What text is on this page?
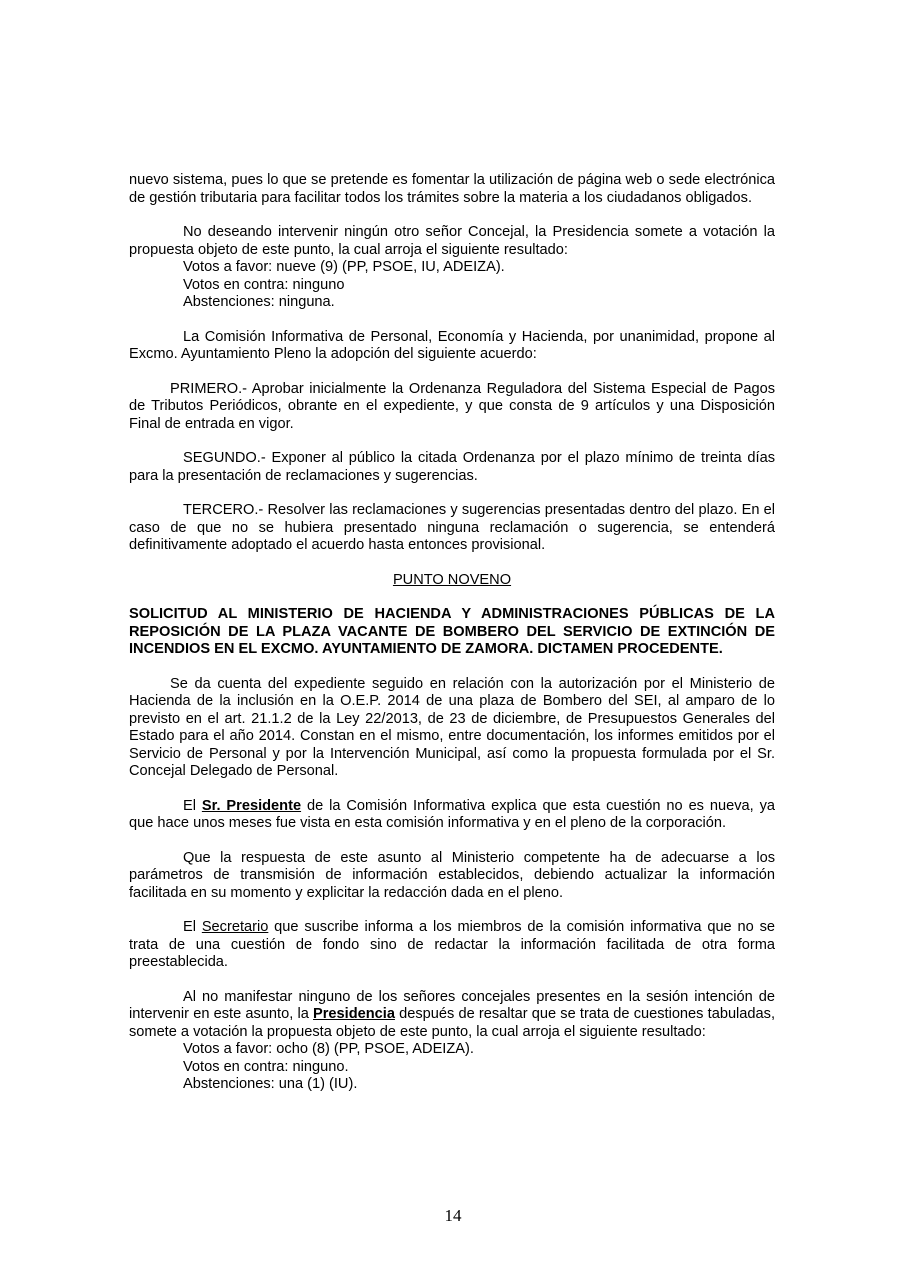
nuevo sistema, pues lo que se pretende es fomentar la utilización de página web o sede electrónica de gestión tributaria para facilitar todos los trámites sobre la materia a los ciudadanos obligados.

No deseando intervenir ningún otro señor Concejal, la Presidencia somete a votación la propuesta objeto de este punto, la cual arroja el siguiente resultado:

Votos a favor: nueve (9) (PP, PSOE, IU, ADEIZA).
Votos en contra: ninguno
Abstenciones: ninguna.

La Comisión Informativa de Personal, Economía y Hacienda, por unanimidad, propone al Excmo. Ayuntamiento Pleno la adopción del siguiente acuerdo:

PRIMERO.- Aprobar inicialmente la Ordenanza Reguladora del Sistema Especial de Pagos de Tributos Periódicos, obrante en el expediente, y que consta de 9 artículos y una Disposición Final de entrada en vigor.

SEGUNDO.- Exponer al público la citada Ordenanza por el plazo mínimo de treinta días para la presentación de reclamaciones y sugerencias.

TERCERO.- Resolver las reclamaciones y sugerencias presentadas dentro del plazo. En el caso de que no se hubiera presentado ninguna reclamación o sugerencia, se entenderá definitivamente adoptado el acuerdo hasta entonces provisional.

PUNTO NOVENO

SOLICITUD AL MINISTERIO DE HACIENDA Y ADMINISTRACIONES PÚBLICAS DE LA REPOSICIÓN DE LA PLAZA VACANTE DE BOMBERO DEL SERVICIO DE EXTINCIÓN DE INCENDIOS EN EL EXCMO. AYUNTAMIENTO DE ZAMORA. DICTAMEN PROCEDENTE.

Se da cuenta del expediente seguido en relación con la autorización por el Ministerio de Hacienda de la inclusión en la O.E.P. 2014 de una plaza de Bombero del SEI, al amparo de lo previsto en el art. 21.1.2 de la Ley 22/2013, de 23 de diciembre, de Presupuestos Generales del Estado para el año 2014. Constan en el mismo, entre documentación, los informes emitidos por el Servicio de Personal y por la Intervención Municipal, así como la propuesta formulada por el Sr. Concejal Delegado de Personal.

El Sr. Presidente de la Comisión Informativa explica que esta cuestión no es nueva, ya que hace unos meses fue vista en esta comisión informativa y en el pleno de la corporación.

Que la respuesta de este asunto al Ministerio competente ha de adecuarse a los parámetros de transmisión de información establecidos, debiendo actualizar la información facilitada en su momento y explicitar la redacción dada en el pleno.

El Secretario que suscribe informa a los miembros de la comisión informativa que no se trata de una cuestión de fondo sino de redactar la información facilitada de otra forma preestablecida.

Al no manifestar ninguno de los señores concejales presentes en la sesión intención de intervenir en este asunto, la Presidencia después de resaltar que se trata de cuestiones tabuladas, somete a votación la propuesta objeto de este punto, la cual arroja el siguiente resultado:

Votos a favor: ocho (8) (PP, PSOE, ADEIZA).
Votos en contra: ninguno.
Abstenciones: una (1) (IU).
14
